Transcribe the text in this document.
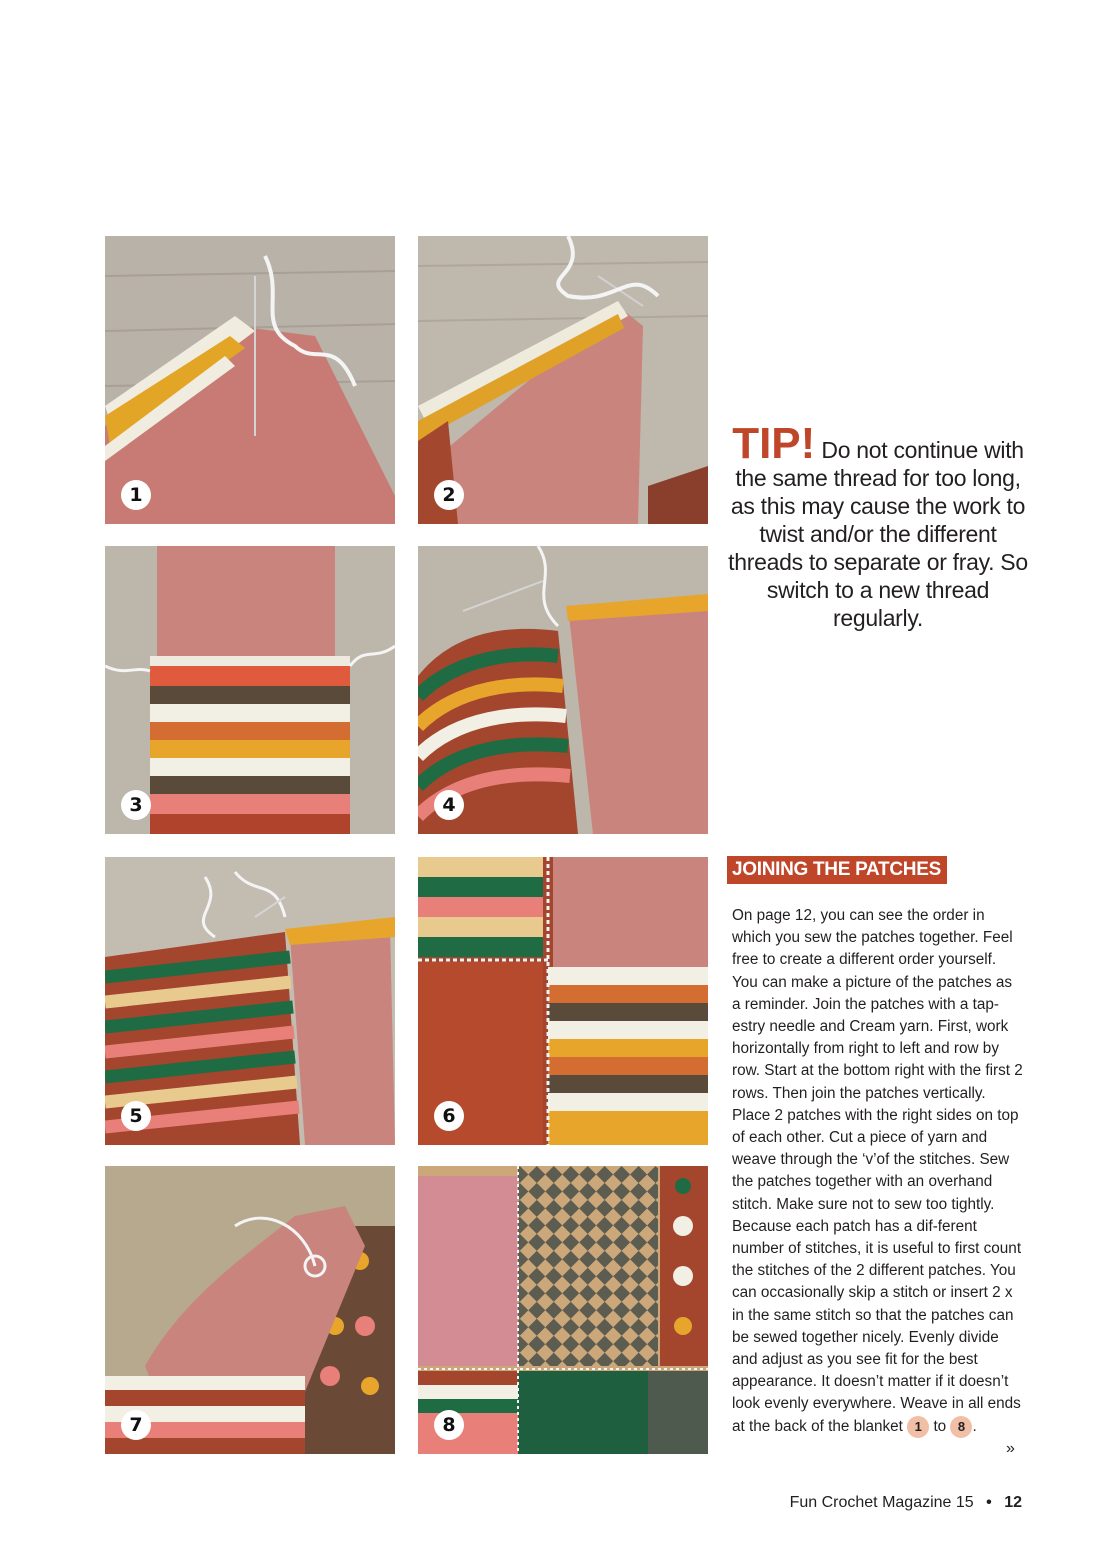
1	2
3	4
5	6
7	8
TIP! Do not continue with the same thread for too long, as this may cause the work to twist and/or the different threads to separate or fray. So switch to a new thread regularly.
JOINING THE PATCHES

On page 12, you can see the order in which you sew the patches together. Feel free to create a different order yourself. You can make a picture of the patches as a reminder. Join the patches with a tap-estry needle and Cream yarn. First, work horizontally from right to left and row by row. Start at the bottom right with the first 2 rows. Then join the patches vertically. Place 2 patches with the right sides on top of each other. Cut a piece of yarn and weave through the ‘v’of the stitches. Sew the patches together with an overhand stitch. Make sure not to sew too tightly. Because each patch has a dif-ferent number of stitches, it is useful to first count the stitches of the 2 different patches. You can occasionally skip a stitch or insert 2 x in the same stitch so that the patches can be sewed together nicely. Evenly divide and adjust as you see fit for the best appearance. It doesn’t matter if it doesn’t look evenly everywhere. Weave in all ends at the back of the blanket 1 to 8 .

»
Fun Crochet Magazine 15 • 12
